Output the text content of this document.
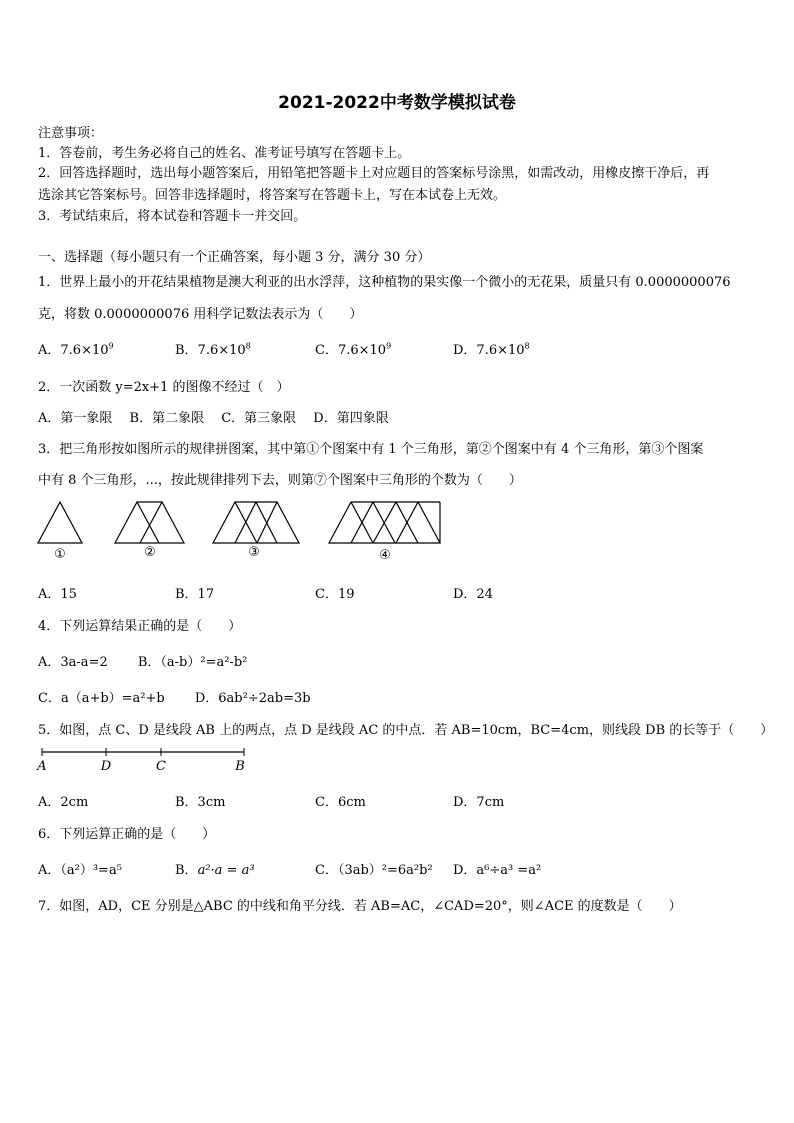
2021-2022中考数学模拟试卷
注意事项：
1．答卷前，考生务必将自己的姓名、准考证号填写在答题卡上。
2．回答选择题时，选出每小题答案后，用铅笔把答题卡上对应题目的答案标号涂黑，如需改动，用橡皮擦干净后，再
选涂其它答案标号。回答非选择题时，将答案写在答题卡上，写在本试卷上无效。
3．考试结束后，将本试卷和答题卡一并交回。
一、选择题（每小题只有一个正确答案，每小题 3 分，满分 30 分）
1．世界上最小的开花结果植物是澳大利亚的出水浮萍，这种植物的果实像一个微小的无花果，质量只有 0.0000000076
克，将数 0.0000000076 用科学记数法表示为（　　）
A．$7.6\times 10^9$	B．$7.6\times 10^8$	C．$7.6\times 10^9$	D．$7.6\times 10^8$
2．一次函数 y=2x+1 的图像不经过（　）
A．第一象限　 B．第二象限　 C．第三象限　 D．第四象限
3．把三角形按如图所示的规律拼图案，其中第①个图案中有 1 个三角形，第②个图案中有 4 个三角形，第③个图案
中有 8 个三角形，...，按此规律排列下去，则第⑦个图案中三角形的个数为（　　）
①	②	③	④
A．15	B．17	C．19	D．24
4．下列运算结果正确的是（　　）
A．3a-a=2　　 B．（a-b）²=a²-b²
C．a（a+b）=a²+b　　 D．6ab²÷2ab=3b
5．如图，点 C、D 是线段 AB 上的两点，点 D 是线段 AC 的中点．若 AB=10cm，BC=4cm，则线段 DB 的长等于（　　）
A	D	C	B
A．2cm	B．3cm	C．6cm	D．7cm
6．下列运算正确的是（　　）
A．（a²）³=a⁵	B．a²·a = a³	C．（3ab）²=6a²b² D．a⁶÷a³ =a²
7．如图，AD，CE 分别是△ABC 的中线和角平分线．若 AB=AC，∠CAD=20°，则∠ACE 的度数是（　　）
